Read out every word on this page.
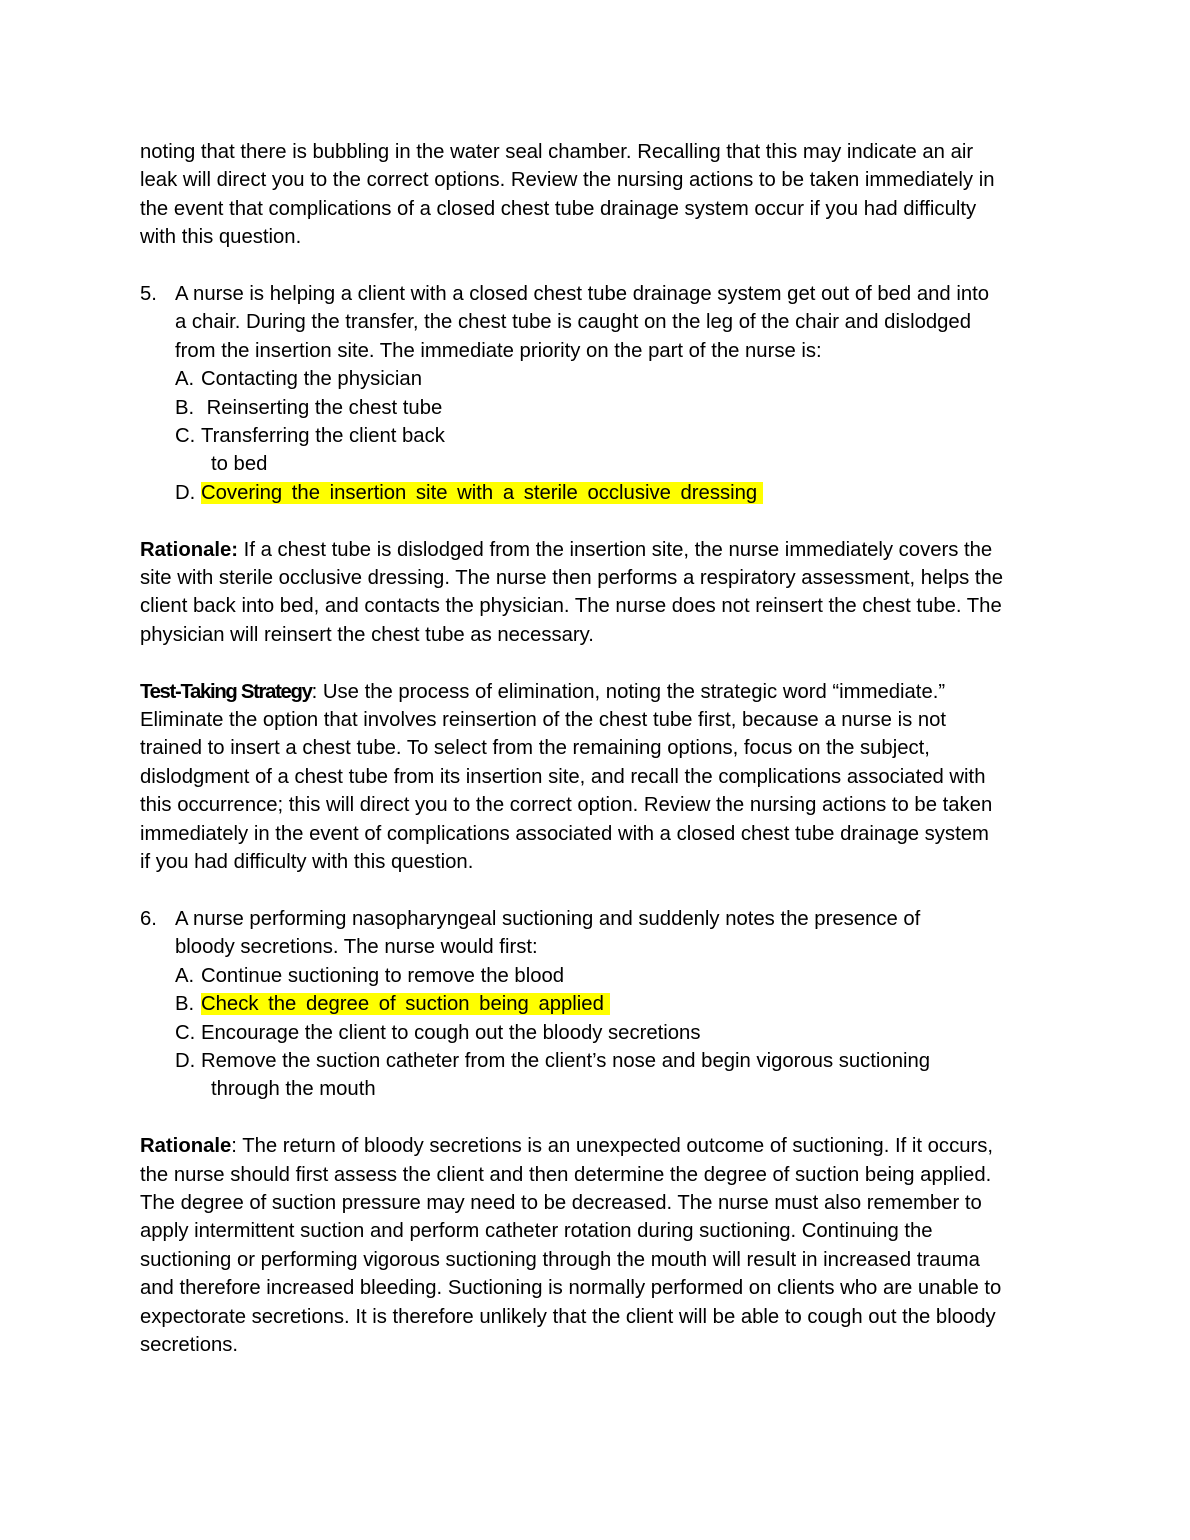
noting that there is bubbling in the water seal chamber. Recalling that this may indicate an air

leak will direct you to the correct options. Review the nursing actions to be taken immediately in

the event that complications of a closed chest tube drainage system occur if you had difficulty

with this question.

5. A nurse is helping a client with a closed chest tube drainage system get out of bed and into

a chair. During the transfer, the chest tube is caught on the leg of the chair and dislodged

from the insertion site. The immediate priority on the part of the nurse is:

A. Contacting the physician
B. Reinserting the chest tube
C. Transferring the client back

to bed

D. Covering the insertion site with a sterile occlusive dressing

Rationale: If a chest tube is dislodged from the insertion site, the nurse immediately covers the

site with sterile occlusive dressing. The nurse then performs a respiratory assessment, helps the

client back into bed, and contacts the physician. The nurse does not reinsert the chest tube. The

physician will reinsert the chest tube as necessary.

Test-Taking Strategy: Use the process of elimination, noting the strategic word “immediate.”

Eliminate the option that involves reinsertion of the chest tube first, because a nurse is not

trained to insert a chest tube. To select from the remaining options, focus on the subject,

dislodgment of a chest tube from its insertion site, and recall the complications associated with

this occurrence; this will direct you to the correct option. Review the nursing actions to be taken

immediately in the event of complications associated with a closed chest tube drainage system

if you had difficulty with this question.

6. A nurse performing nasopharyngeal suctioning and suddenly notes the presence of

bloody secretions. The nurse would first:

A. Continue suctioning to remove the blood
B. Check the degree of suction being applied
C. Encourage the client to cough out the bloody secretions
D. Remove the suction catheter from the client’s nose and begin vigorous suctioning

through the mouth

Rationale: The return of bloody secretions is an unexpected outcome of suctioning. If it occurs,

the nurse should first assess the client and then determine the degree of suction being applied.

The degree of suction pressure may need to be decreased. The nurse must also remember to

apply intermittent suction and perform catheter rotation during suctioning. Continuing the

suctioning or performing vigorous suctioning through the mouth will result in increased trauma

and therefore increased bleeding. Suctioning is normally performed on clients who are unable to

expectorate secretions. It is therefore unlikely that the client will be able to cough out the bloody

secretions.
